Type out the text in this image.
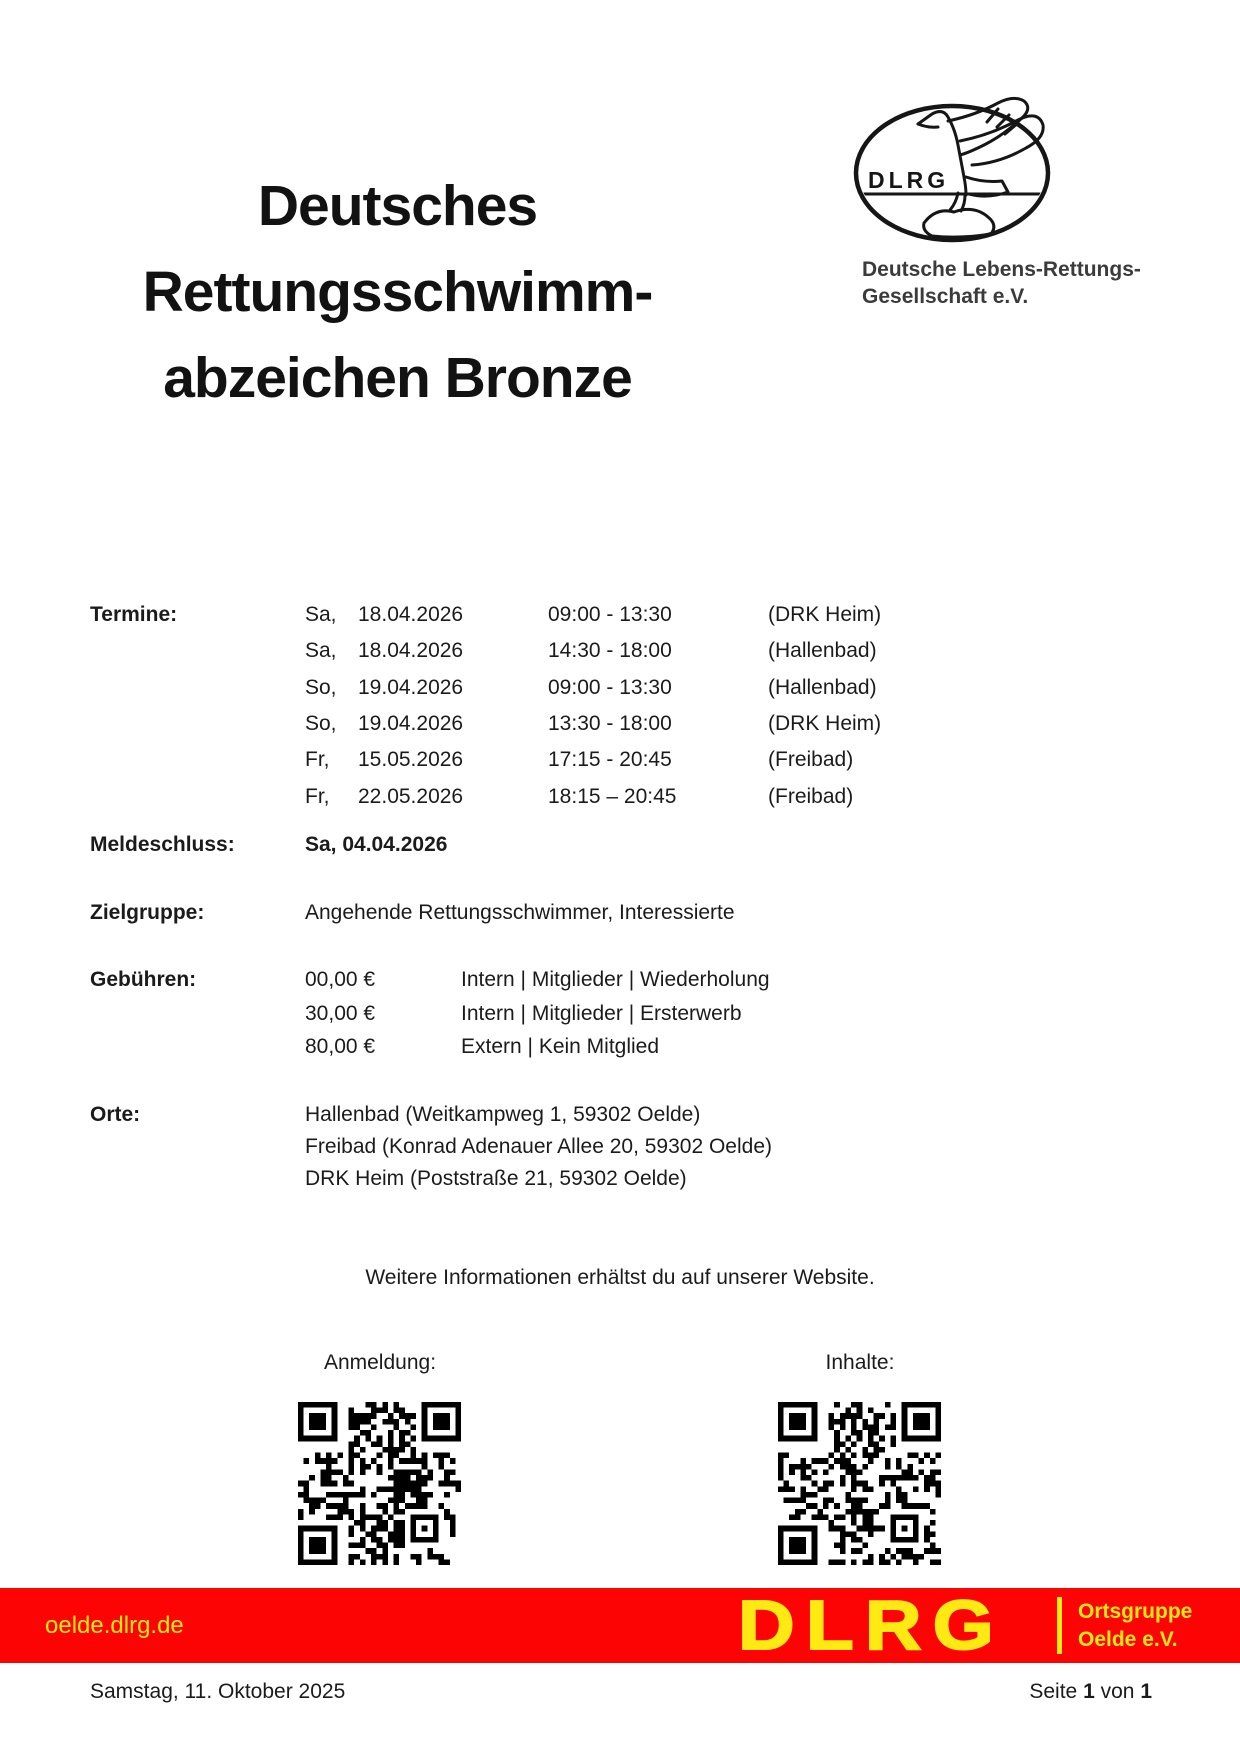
DLRG
Deutsche Lebens-Rettungs-
Gesellschaft e.V.
Deutsches
Rettungsschwimm-
abzeichen Bronze
Termine:	Sa, 18.04.2026	09:00 - 13:30	(DRK Heim)
Sa, 18.04.2026	14:30 - 18:00	(Hallenbad)
So, 19.04.2026	09:00 - 13:30	(Hallenbad)
So, 19.04.2026	13:30 - 18:00	(DRK Heim)
Fr, 15.05.2026	17:15 - 20:45	(Freibad)
Fr, 22.05.2026	18:15 – 20:45	(Freibad)
Meldeschluss:	Sa, 04.04.2026
Zielgruppe:	Angehende Rettungsschwimmer, Interessierte
Gebühren:	00,00 €	Intern | Mitglieder | Wiederholung
30,00 €	Intern | Mitglieder | Ersterwerb
80,00 €	Extern | Kein Mitglied
Orte:	Hallenbad (Weitkampweg 1, 59302 Oelde)
Freibad (Konrad Adenauer Allee 20, 59302 Oelde)
DRK Heim (Poststraße 21, 59302 Oelde)
Weitere Informationen erhältst du auf unserer Website.
Anmeldung:	Inhalte:
oelde.dlrg.de	DLRG	Ortsgruppe
Oelde e.V.
Samstag, 11. Oktober 2025	Seite 1 von 1
